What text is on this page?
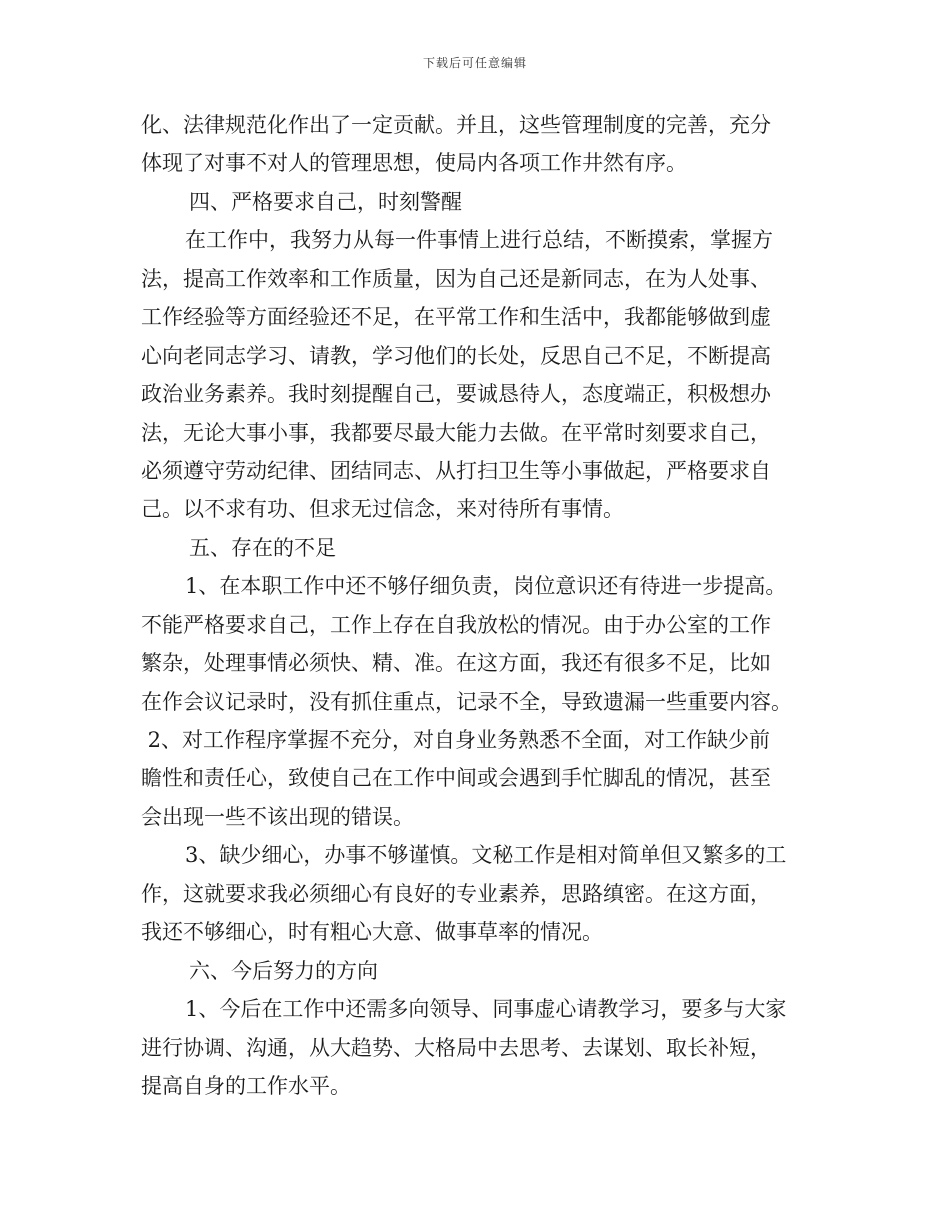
下载后可任意编辑
化、法律规范化作出了一定贡献。并且，这些管理制度的完善，充分
体现了对事不对人的管理思想，使局内各项工作井然有序。
四、严格要求自己，时刻警醒
在工作中，我努力从每一件事情上进行总结，不断摸索，掌握方
法，提高工作效率和工作质量，因为自己还是新同志，在为人处事、
工作经验等方面经验还不足，在平常工作和生活中，我都能够做到虚
心向老同志学习、请教，学习他们的长处，反思自己不足，不断提高
政治业务素养。我时刻提醒自己，要诚恳待人，态度端正，积极想办
法，无论大事小事，我都要尽最大能力去做。在平常时刻要求自己，
必须遵守劳动纪律、团结同志、从打扫卫生等小事做起，严格要求自
己。以不求有功、但求无过信念，来对待所有事情。
五、存在的不足
1、在本职工作中还不够仔细负责，岗位意识还有待进一步提高。
不能严格要求自己，工作上存在自我放松的情况。由于办公室的工作
繁杂，处理事情必须快、精、准。在这方面，我还有很多不足，比如
在作会议记录时，没有抓住重点，记录不全，导致遗漏一些重要内容。
2、对工作程序掌握不充分，对自身业务熟悉不全面，对工作缺少前
瞻性和责任心，致使自己在工作中间或会遇到手忙脚乱的情况，甚至
会出现一些不该出现的错误。
3、缺少细心，办事不够谨慎。文秘工作是相对简单但又繁多的工
作，这就要求我必须细心有良好的专业素养，思路缜密。在这方面，
我还不够细心，时有粗心大意、做事草率的情况。
六、今后努力的方向
1、今后在工作中还需多向领导、同事虚心请教学习，要多与大家
进行协调、沟通，从大趋势、大格局中去思考、去谋划、取长补短，
提高自身的工作水平。
